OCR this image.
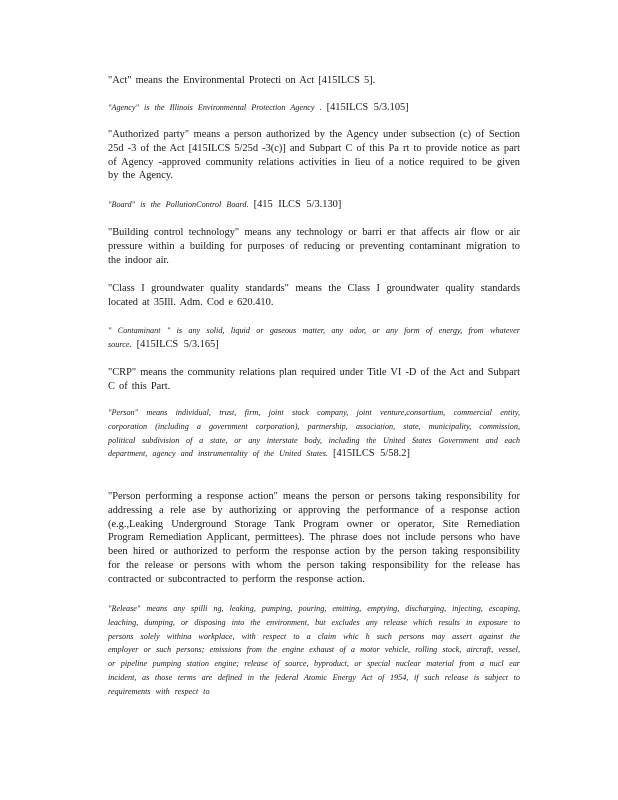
"Act" means the Environmental Protecti on Act [415ILCS 5].
"Agency" is the Illinois Environmental Protection Agency . [415ILCS 5/3.105]
"Authorized party" means a person authorized by the Agency under subsection (c) of Section 25d -3 of the Act [415ILCS 5/25d -3(c)] and Subpart C of this Pa rt to provide notice as part of Agency -approved community relations activities in lieu of a notice required to be given by the Agency.
"Board" is the PollutionControl Board. [415 ILCS 5/3.130]
"Building control technology" means any technology or barri er that affects air flow or air pressure within a building for purposes of reducing or preventing contaminant migration to the indoor air.
"Class I groundwater quality standards" means the Class I groundwater quality standards located at 35Ill. Adm. Cod e 620.410.
" Contaminant " is any solid, liquid or gaseous matter, any odor, or any form of energy, from whatever source. [415ILCS 5/3.165]
"CRP" means the community relations plan required under Title VI -D of the Act and Subpart C of this Part.
"Person" means individual, trust, firm, joint stock company, joint venture,consortium, commercial entity, corporation (including a government corporation), partnership, association, state, municipality, commission, political subdivision of a state, or any interstate body, including the United States Government and each department, agency and instrumentality of the United States. [415ILCS 5/58.2]
"Person performing a response action" means the person or persons taking responsibility for addressing a rele ase by authorizing or approving the performance of a response action (e.g.,Leaking Underground Storage Tank Program owner or operator, Site Remediation Program Remediation Applicant, permittees). The phrase does not include persons who have been hired or authorized to perform the response action by the person taking responsibility for the release or persons with whom the person taking responsibility for the release has contracted or subcontracted to perform the response action.
"Release" means any spilli ng, leaking, pumping, pouring, emitting, emptying, discharging, injecting, escaping, leaching, dumping, or disposing into the environment, but excludes any release which results in exposure to persons solely withina workplace, with respect to a claim whic h such persons may assert against the employer or such persons; emissions from the engine exhaust of a motor vehicle, rolling stock, aircraft, vessel, or pipeline pumping station engine; release of source, byproduct, or special nuclear material from a nucl ear incident, as those terms are defined in the federal Atomic Energy Act of 1954, if such release is subject to requirements with respect to
